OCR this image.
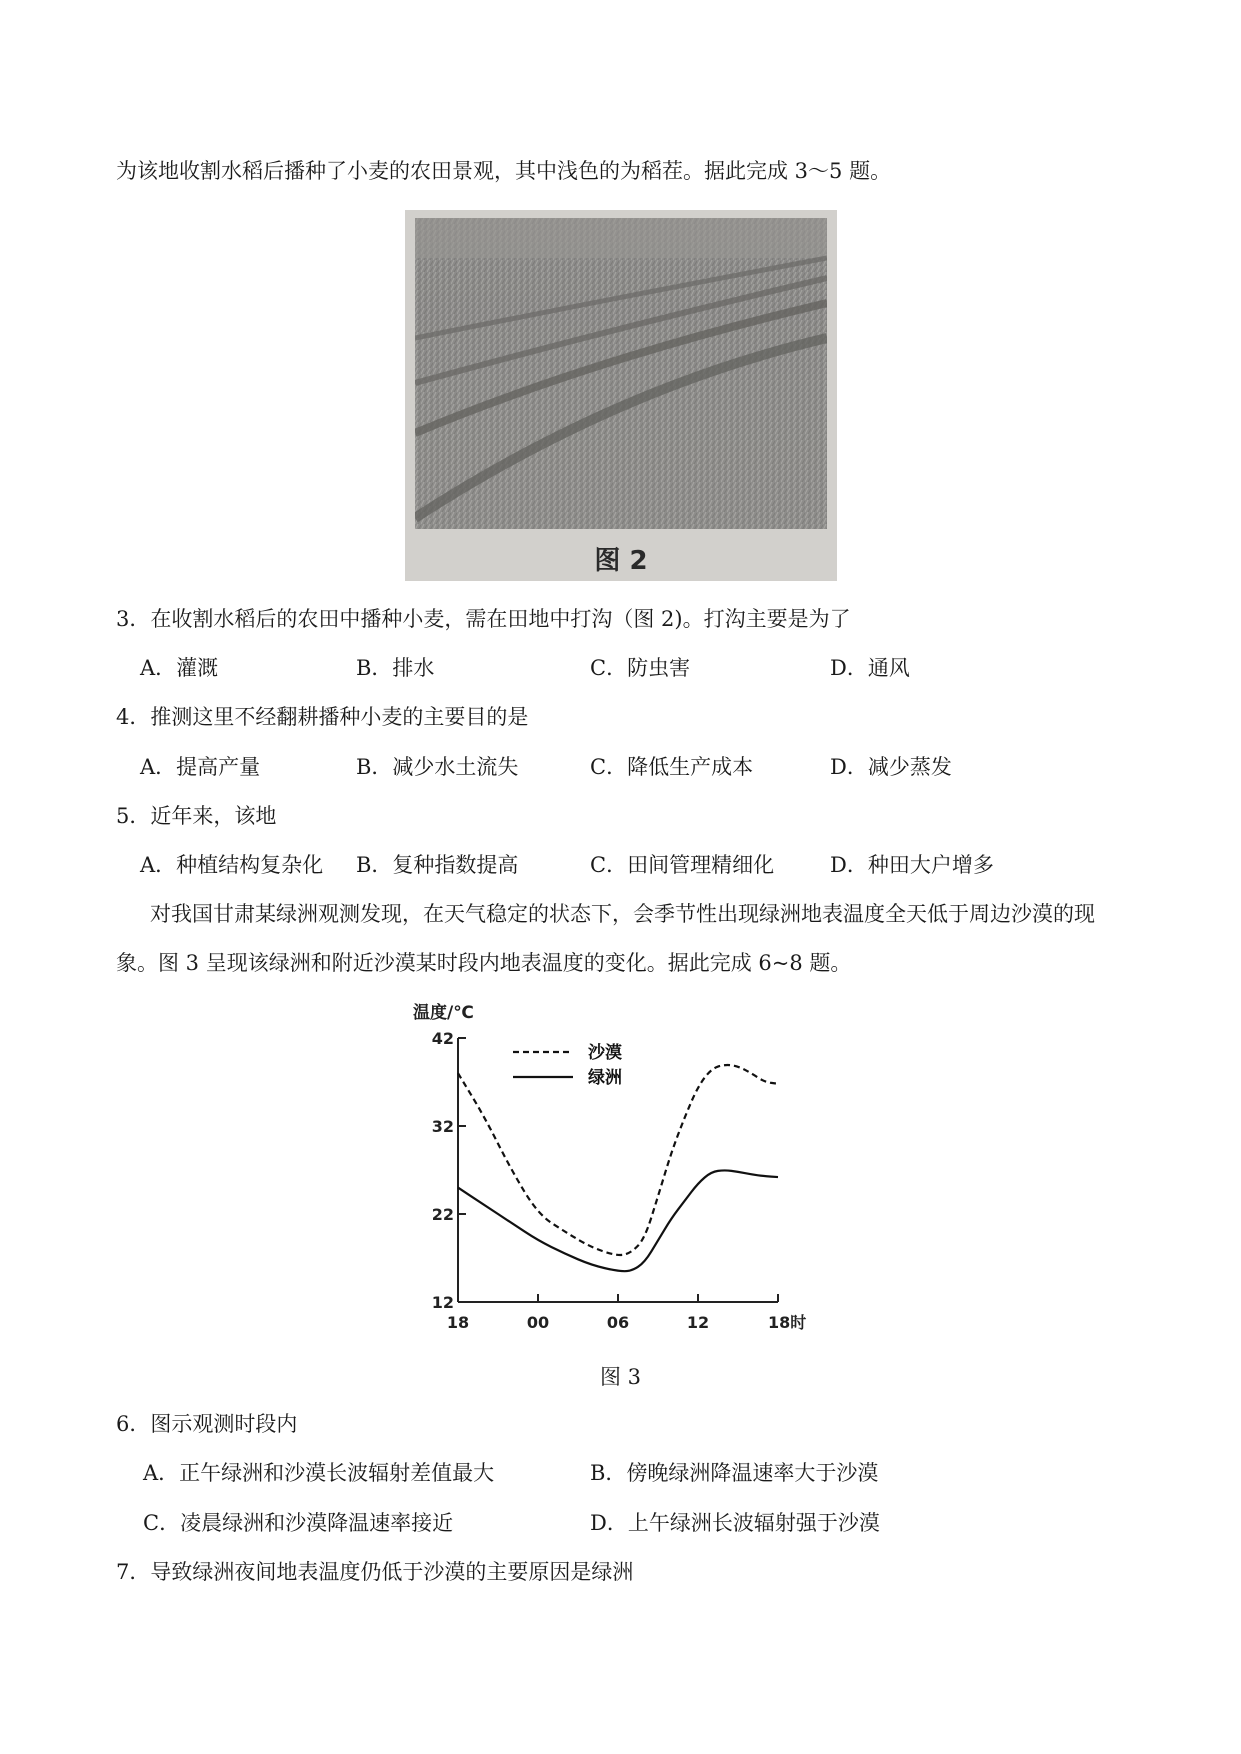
为该地收割水稻后播种了小麦的农田景观，其中浅色的为稻茬。据此完成 3～5 题。
图 2
3．在收割水稻后的农田中播种小麦，需在田地中打沟（图 2)。打沟主要是为了
A．灌溉	B．排水	C．防虫害	D．通风
4．推测这里不经翻耕播种小麦的主要目的是
A．提高产量	B．减少水土流失	C．降低生产成本	D．减少蒸发
5．近年来，该地
A．种植结构复杂化 B．复种指数提高	C．田间管理精细化	D．种田大户增多
对我国甘肃某绿洲观测发现，在天气稳定的状态下，会季节性出现绿洲地表温度全天低于周边沙漠的现
象。图 3 呈现该绿洲和附近沙漠某时段内地表温度的变化。据此完成 6~8 题。
温度/℃
12
22
32
42
18	00	06	12	18时
沙漠
绿洲
图 3
6．图示观测时段内
A．正午绿洲和沙漠长波辐射差值最大	B．傍晚绿洲降温速率大于沙漠
C．凌晨绿洲和沙漠降温速率接近	D．上午绿洲长波辐射强于沙漠
7．导致绿洲夜间地表温度仍低于沙漠的主要原因是绿洲
